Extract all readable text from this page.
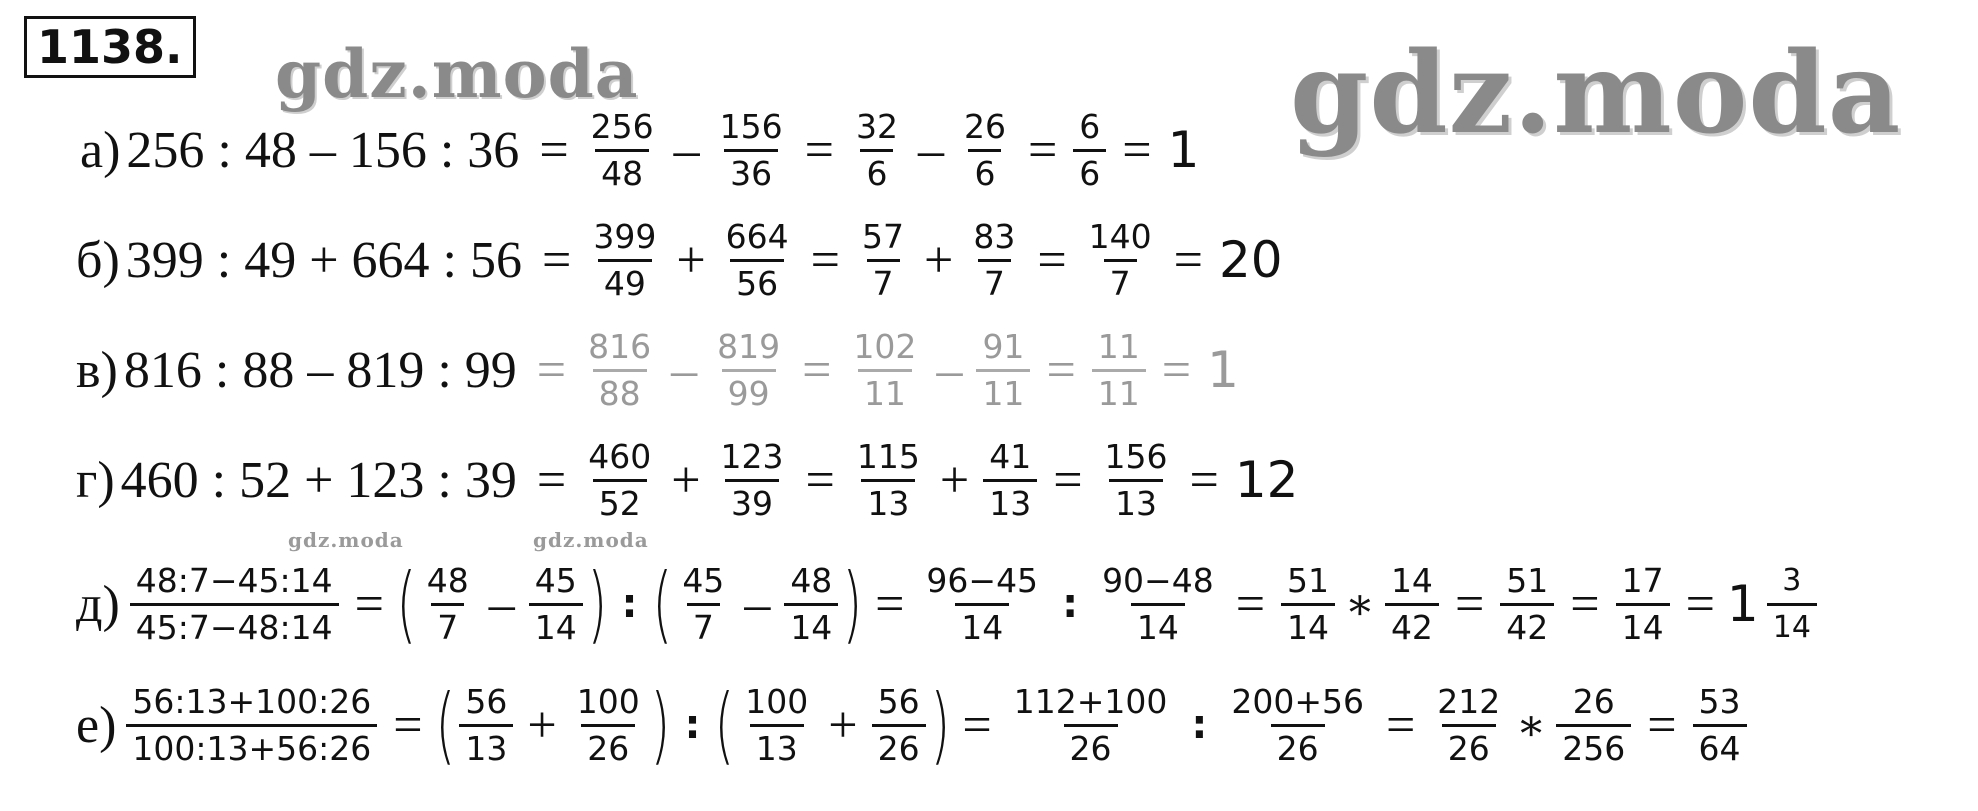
1138. gdz.moda	gdz.moda
gdz.moda	gdz.moda
а) 256 : 48 – 156 : $36 = \frac{256}{48} - \frac{156}{36} = \frac{32}{6} - \frac{26}{6} = \frac{6}{6} = 1$
б) 399 : 49 + 664 : $56 = \frac{399}{49} + \frac{664}{56} = \frac{57}{7} + \frac{83}{7} = \frac{140}{7} = 20$
в) 816 : 88 – 819 : $99 = \frac{816}{88} - \frac{819}{99} = \frac{102}{11} - \frac{91}{11} = \frac{11}{11} = 1$
г) 460 : 52 + 123 : $39 = \frac{460}{52} + \frac{123}{39} = \frac{115}{13} + \frac{41}{13} = \frac{156}{13} = 12$
$д) \frac{48:7-45:14}{45:7-48:14}$ = ( $\frac{48}{7} - \frac{45}{14}$ ) : ( $\frac{45}{7} - \frac{48}{14}$ ) = $\frac{96-45}{14}$ : $\frac{90-48}{14} = \frac{51}{14}$ ∗ $\frac{14}{42} = \frac{51}{42} = \frac{17}{14} = 1 \frac{3}{14}$
$е) \frac{56:13+100:26}{100:13+56:26}$ = ( $\frac{56}{13} + \frac{100}{26}$ ) : ( $\frac{100}{13} + \frac{56}{26}$ ) = $\frac{112+100}{26}$ : $\frac{200+56}{26} = \frac{212}{26}$ ∗ $\frac{26}{256} = \frac{53}{64}$
